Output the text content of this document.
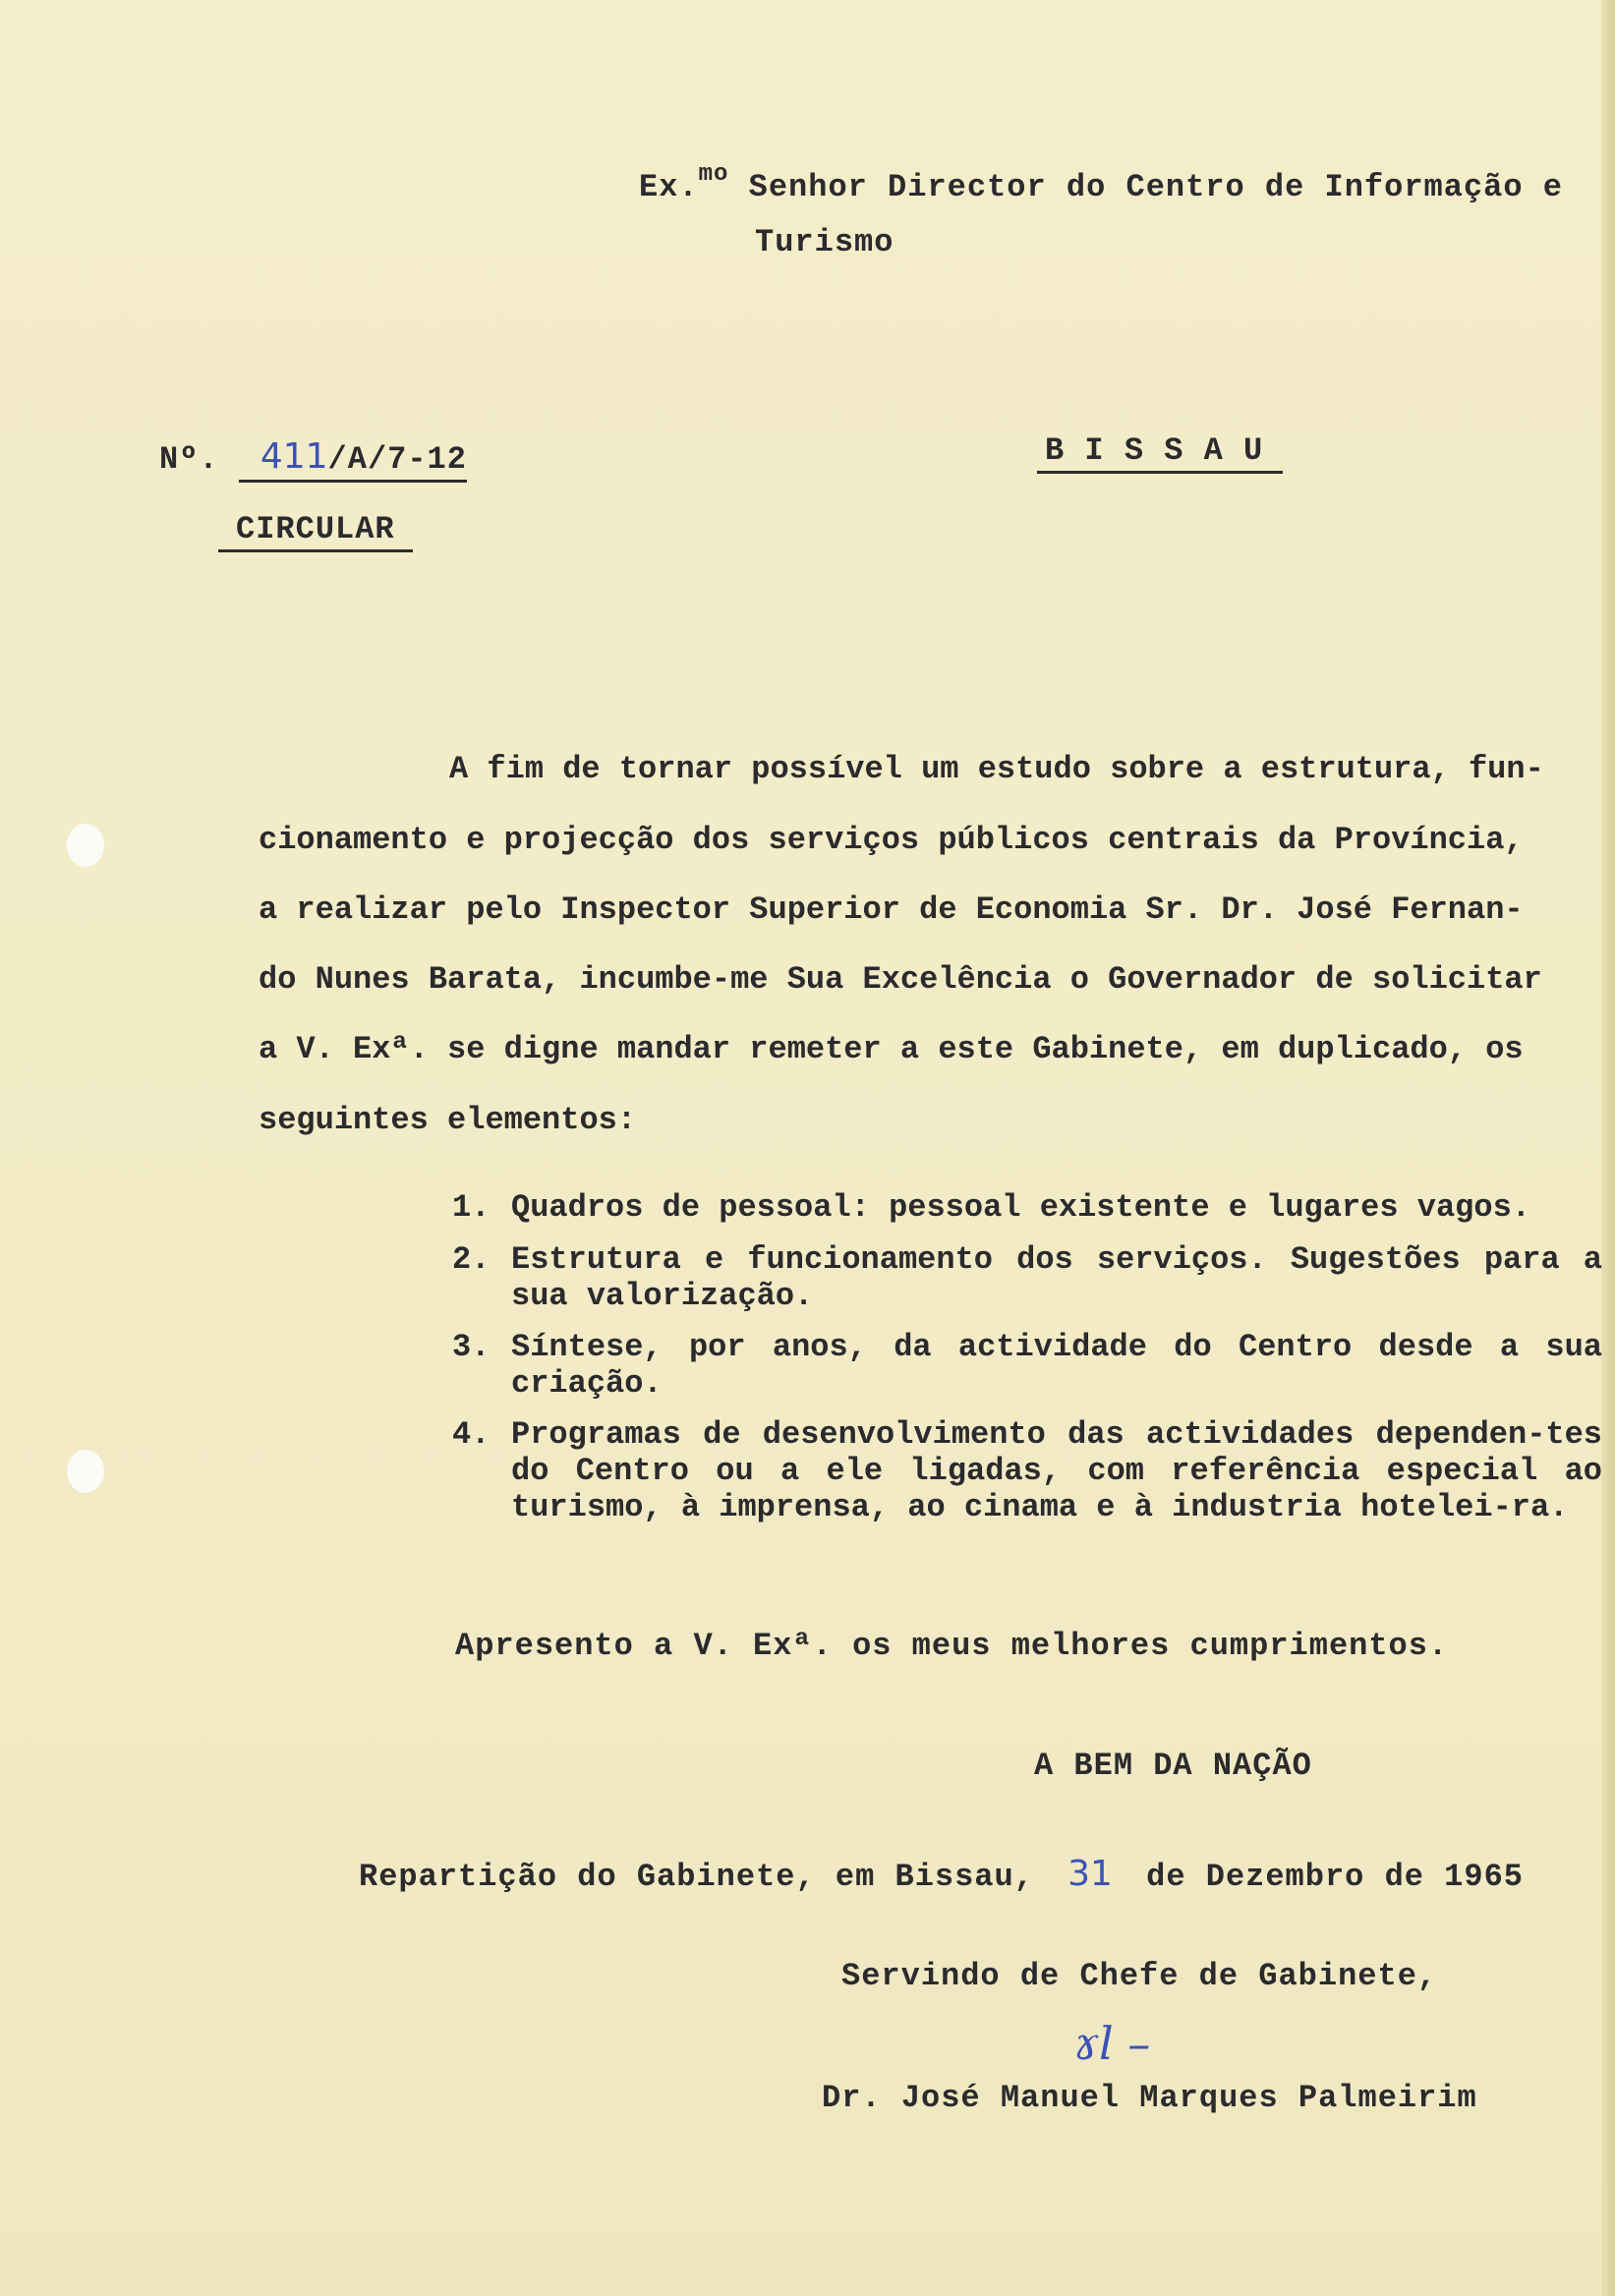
Ex.$^{mo}$ Senhor Director do Centro de Informação e
Turismo
Nº. 411/A/7-12	B I S S A U
CIRCULAR
A fim de tornar possível um estudo sobre a estrutura, fun-
cionamento e projecção dos serviços públicos centrais da Província,
a realizar pelo Inspector Superior de Economia Sr. Dr. José Fernan-
do Nunes Barata, incumbe-me Sua Excelência o Governador de solicitar
a V. Exª. se digne mandar remeter a este Gabinete, em duplicado, os
seguintes elementos:
1. Quadros de pessoal: pessoal existente e lugares vagos.
2. Estrutura e funcionamento dos serviços. Sugestões para a sua valorização.
3. Síntese, por anos, da actividade do Centro desde a sua criação.
4. Programas de desenvolvimento das actividades dependen-tes do Centro ou a ele ligadas, com referência especial ao turismo, à imprensa, ao cinama e à industria hotelei-ra.
Apresento a V. Exª. os meus melhores cumprimentos.
A BEM DA NAÇÃO
Repartição do Gabinete, em Bissau, 31 de Dezembro de 1965
Servindo de Chefe de Gabinete,
ɤl –
Dr. José Manuel Marques Palmeirim
